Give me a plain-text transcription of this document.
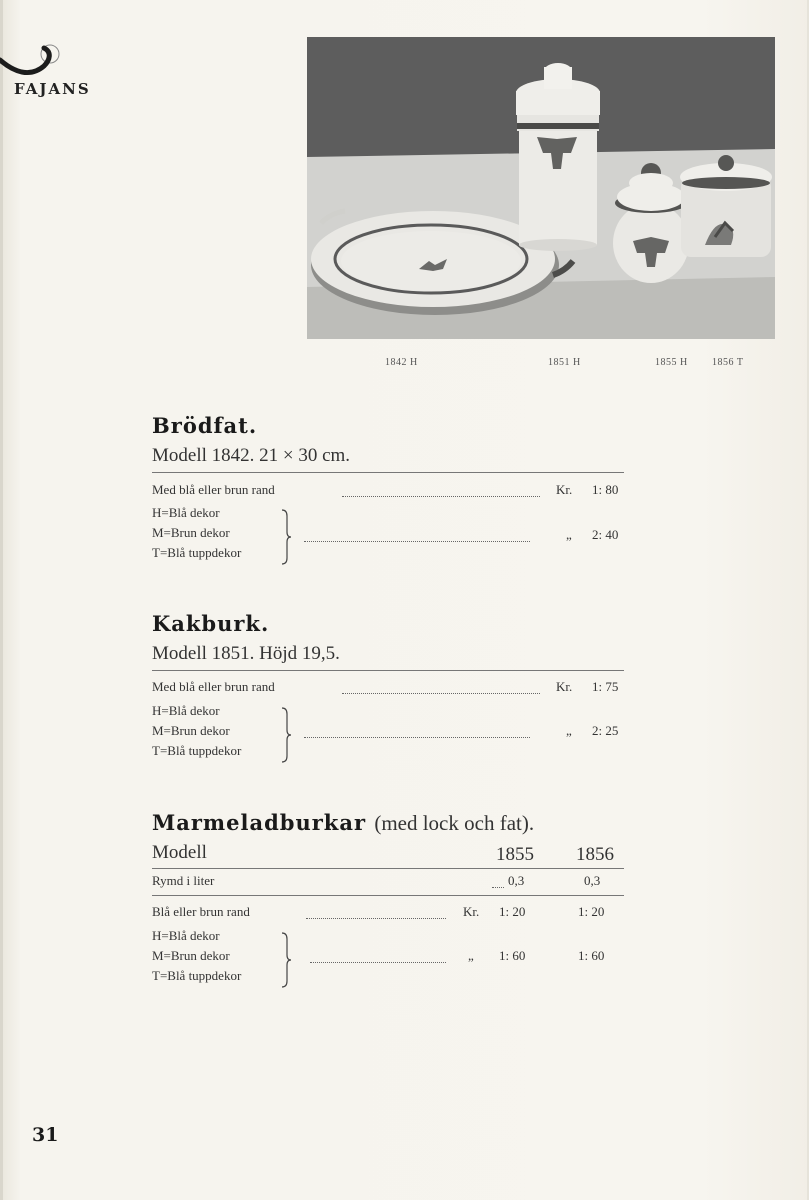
FAJANS
1842 H	1851 H	1855 H 1856 T
Brödfat.
Modell 1842. 21 × 30 cm.
Med blå eller brun rand	Kr. 1: 80
H=Blå dekor
M=Brun dekor
T=Blå tuppdekor
„ 2: 40
Kakburk.
Modell 1851. Höjd 19,5.
Med blå eller brun rand	Kr. 1: 75
H=Blå dekor
M=Brun dekor
T=Blå tuppdekor
„ 2: 25
Marmeladburkar (med lock och fat).
Modell	1855 1856
Rymd i liter	0,3	0,3
Blå eller brun rand	Kr. 1: 20	1: 20
H=Blå dekor
M=Brun dekor
T=Blå tuppdekor
„ 1: 60	1: 60
31
